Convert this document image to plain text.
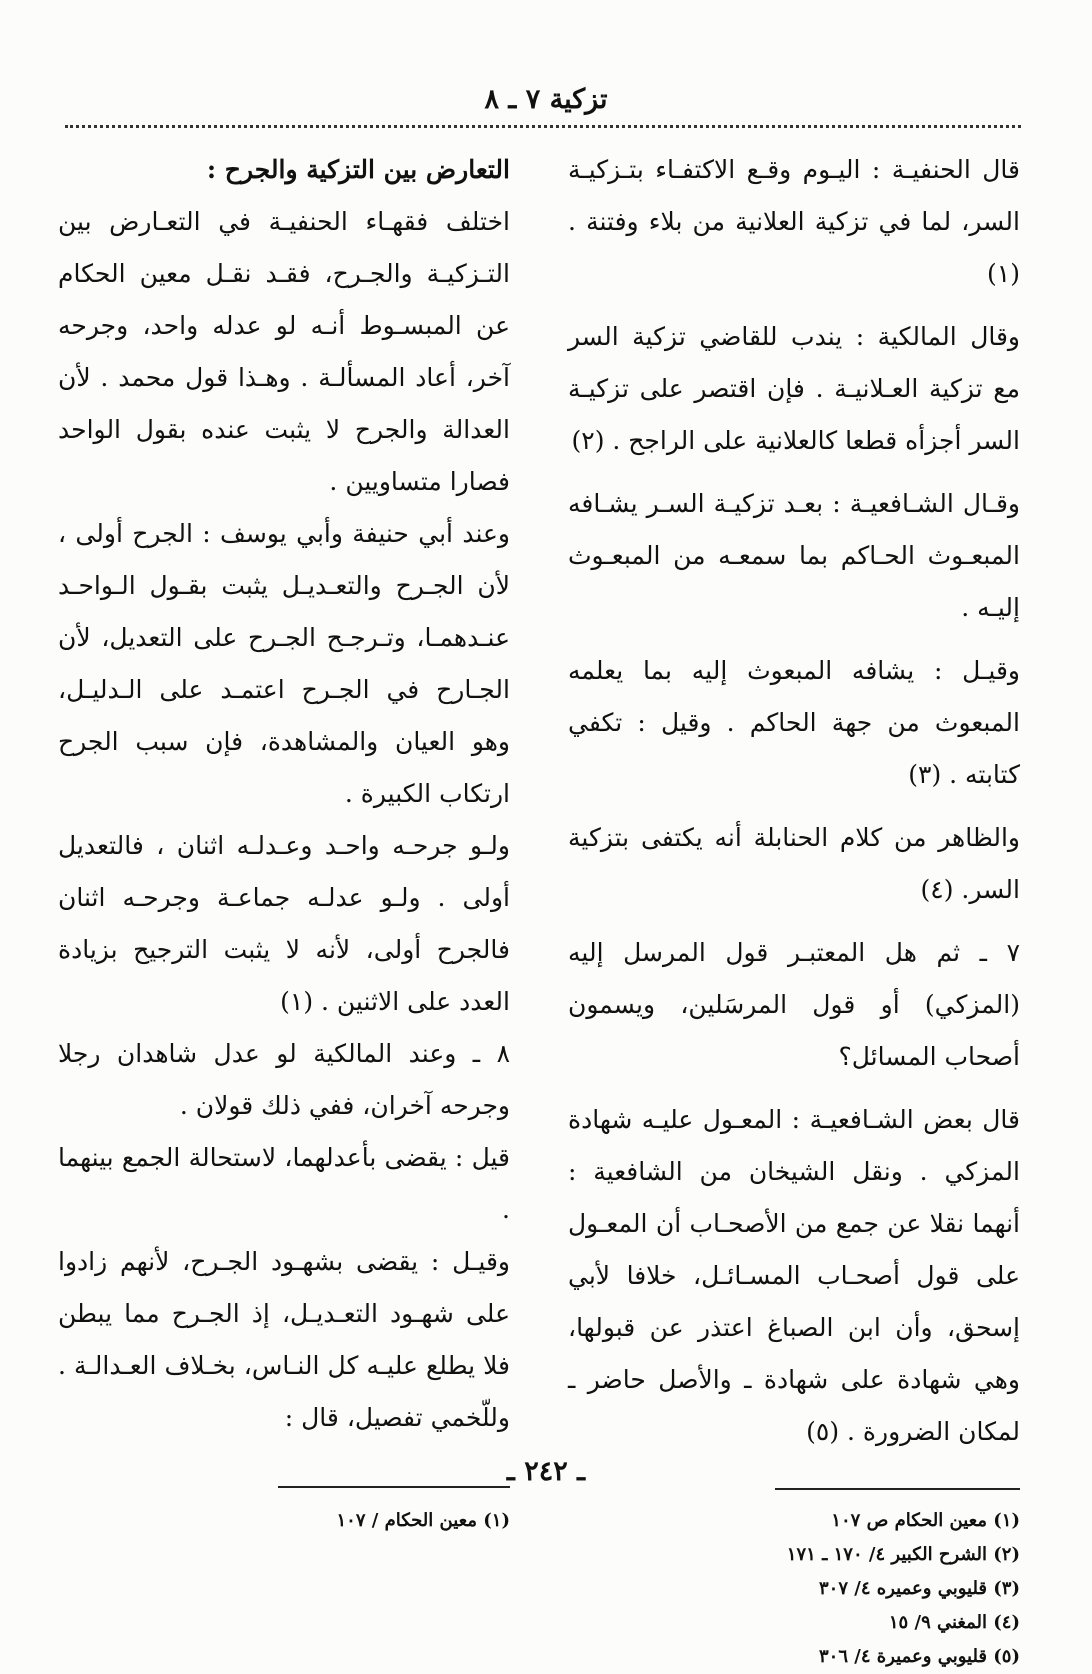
تزكية ٧ ـ ٨

قال الحنفيـة : اليـوم وقـع الاكتفـاء بتـزكيـة السر، لما في تزكية العلانية من بلاء وفتنة . (١)

وقال المالكية : يندب للقاضي تزكية السر مع تزكية العـلانيـة . فإن اقتصر على تزكيـة السر أجزأه قطعا كالعلانية على الراجح . (٢)

وقـال الشـافعيـة : بعـد تزكيـة السـر يشـافه المبعـوث الحـاكم بما سمعـه من المبعـوث إليـه .

وقيـل : يشافه المبعوث إليه بما يعلمه المبعوث من جهة الحاكم . وقيل : تكفي كتابته . (٣)

والظاهر من كلام الحنابلة أنه يكتفى بتزكية السر. (٤)

٧ ـ ثم هل المعتبـر قول المرسل إليه (المزكي) أو قول المرسَلين، ويسمون أصحاب المسائل؟

قال بعض الشـافعيـة : المعـول عليـه شهادة المزكي . ونقل الشيخان من الشافعية : أنهما نقلا عن جمع من الأصحـاب أن المعـول على قول أصحـاب المسـائـل، خلافا لأبي إسحق، وأن ابن الصباغ اعتذر عن قبولها، وهي شهادة على شهادة ـ والأصل حاضر ـ لمكان الضرورة . (٥)

(١) معين الحكام ص ١٠٧
(٢) الشرح الكبير ٤/ ١٧٠ ـ ١٧١
(٣) قليوبي وعميره ٤/ ٣٠٧
(٤) المغني ٩/ ١٥
(٥) قليوبي وعميرة ٤/ ٣٠٦

التعارض بين التزكية والجرح :

اختلف فقهـاء الحنفيـة في التعـارض بين التـزكيـة والجـرح، فقـد نقـل معين الحكام عن المبسـوط أنـه لو عدله واحد، وجرحه آخر، أعاد المسألـة . وهـذا قول محمد . لأن العدالة والجرح لا يثبت عنده بقول الواحد فصارا متساويين .

وعند أبي حنيفة وأبي يوسف : الجرح أولى ، لأن الجـرح والتعـديـل يثبت بقـول الـواحـد عنـدهمـا، وتـرجـح الجـرح على التعديل، لأن الجـارح في الجـرح اعتمـد على الـدليـل، وهو العيان والمشاهدة، فإن سبب الجرح ارتكاب الكبيرة .

ولـو جرحـه واحـد وعـدلـه اثنان ، فالتعديل أولى . ولـو عدلـه جماعـة وجرحـه اثنان فالجرح أولى، لأنه لا يثبت الترجيح بزيادة العدد على الاثنين . (١)

٨ ـ وعند المالكية لو عدل شاهدان رجلا وجرحه آخران، ففي ذلك قولان .

قيل : يقضى بأعدلهما، لاستحالة الجمع بينهما .

وقيـل : يقضى بشهـود الجـرح، لأنهم زادوا على شهـود التعـديـل، إذ الجـرح مما يبطن فلا يطلع عليـه كل النـاس، بخـلاف العـدالـة . وللّخمي تفصيل، قال :

(١) معين الحكام / ١٠٧
ـ ٢٤٢ ـ
